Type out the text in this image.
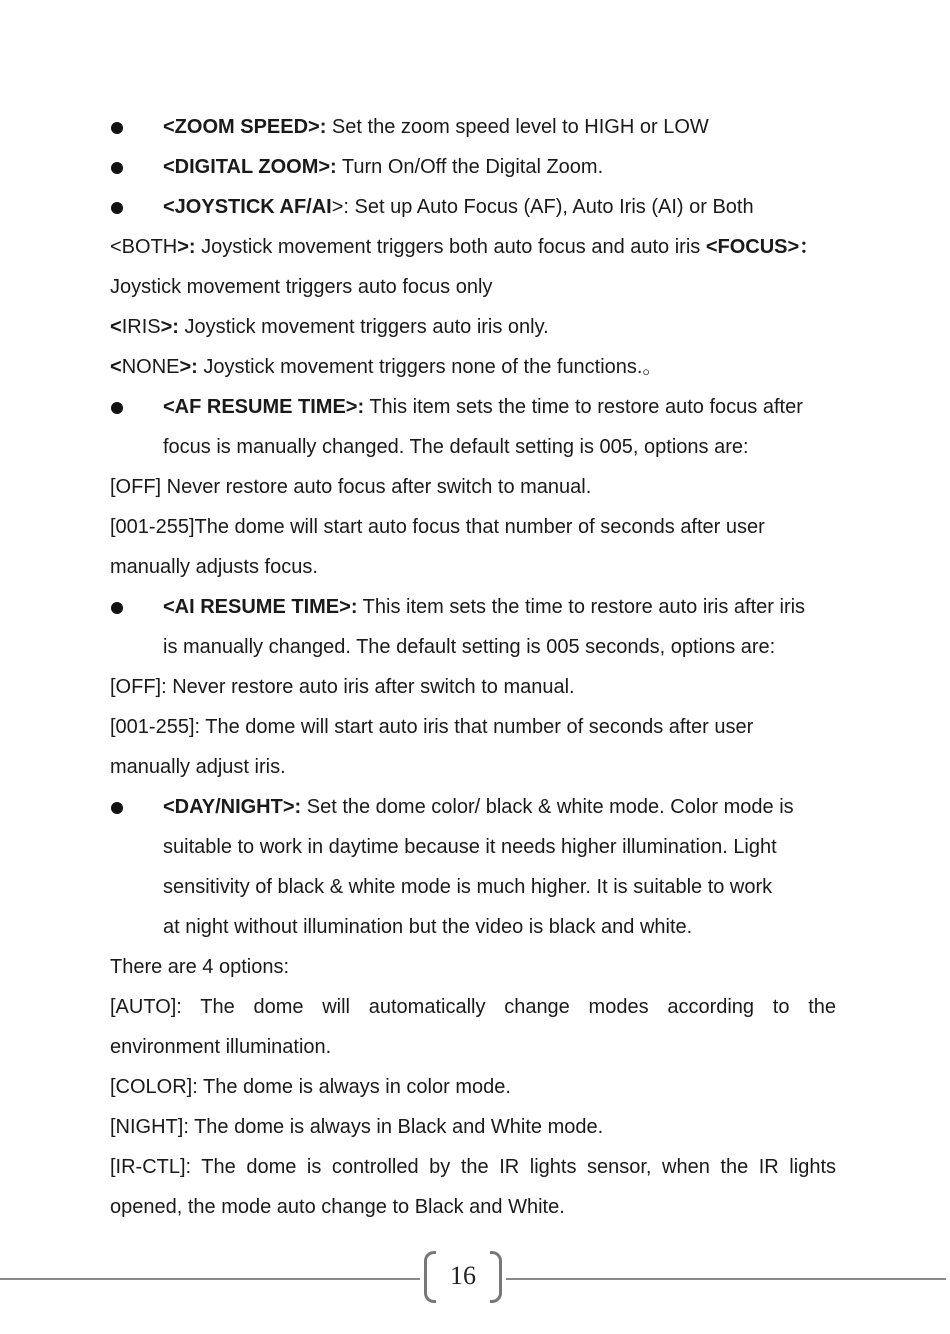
<ZOOM SPEED>: Set the zoom speed level to HIGH or LOW
<DIGITAL ZOOM>: Turn On/Off the Digital Zoom.
<JOYSTICK AF/AI>: Set up Auto Focus (AF), Auto Iris (AI) or Both
<BOTH>: Joystick movement triggers both auto focus and auto iris <FOCUS>：
Joystick movement triggers auto focus only
<IRIS>: Joystick movement triggers auto iris only.
<NONE>: Joystick movement triggers none of the functions.。
<AF RESUME TIME>: This item sets the time to restore auto focus after
focus is manually changed. The default setting is 005, options are:
[OFF] Never restore auto focus after switch to manual.
[001-255]The dome will start auto focus that number of seconds after user
manually adjusts focus.
<AI RESUME TIME>: This item sets the time to restore auto iris after iris
is manually changed. The default setting is 005 seconds, options are:
[OFF]: Never restore auto iris after switch to manual.
[001-255]: The dome will start auto iris that number of seconds after user
manually adjust iris.
<DAY/NIGHT>: Set the dome color/ black & white mode. Color mode is
suitable to work in daytime because it needs higher illumination. Light
sensitivity of black & white mode is much higher. It is suitable to work
at night without illumination but the video is black and white.
There are 4 options:
[AUTO]: The dome will automatically change modes according to the
environment illumination.
[COLOR]: The dome is always in color mode.
[NIGHT]: The dome is always in Black and White mode.
[IR-CTL]: The dome is controlled by the IR lights sensor, when the IR lights
opened, the mode auto change to Black and White.
16
